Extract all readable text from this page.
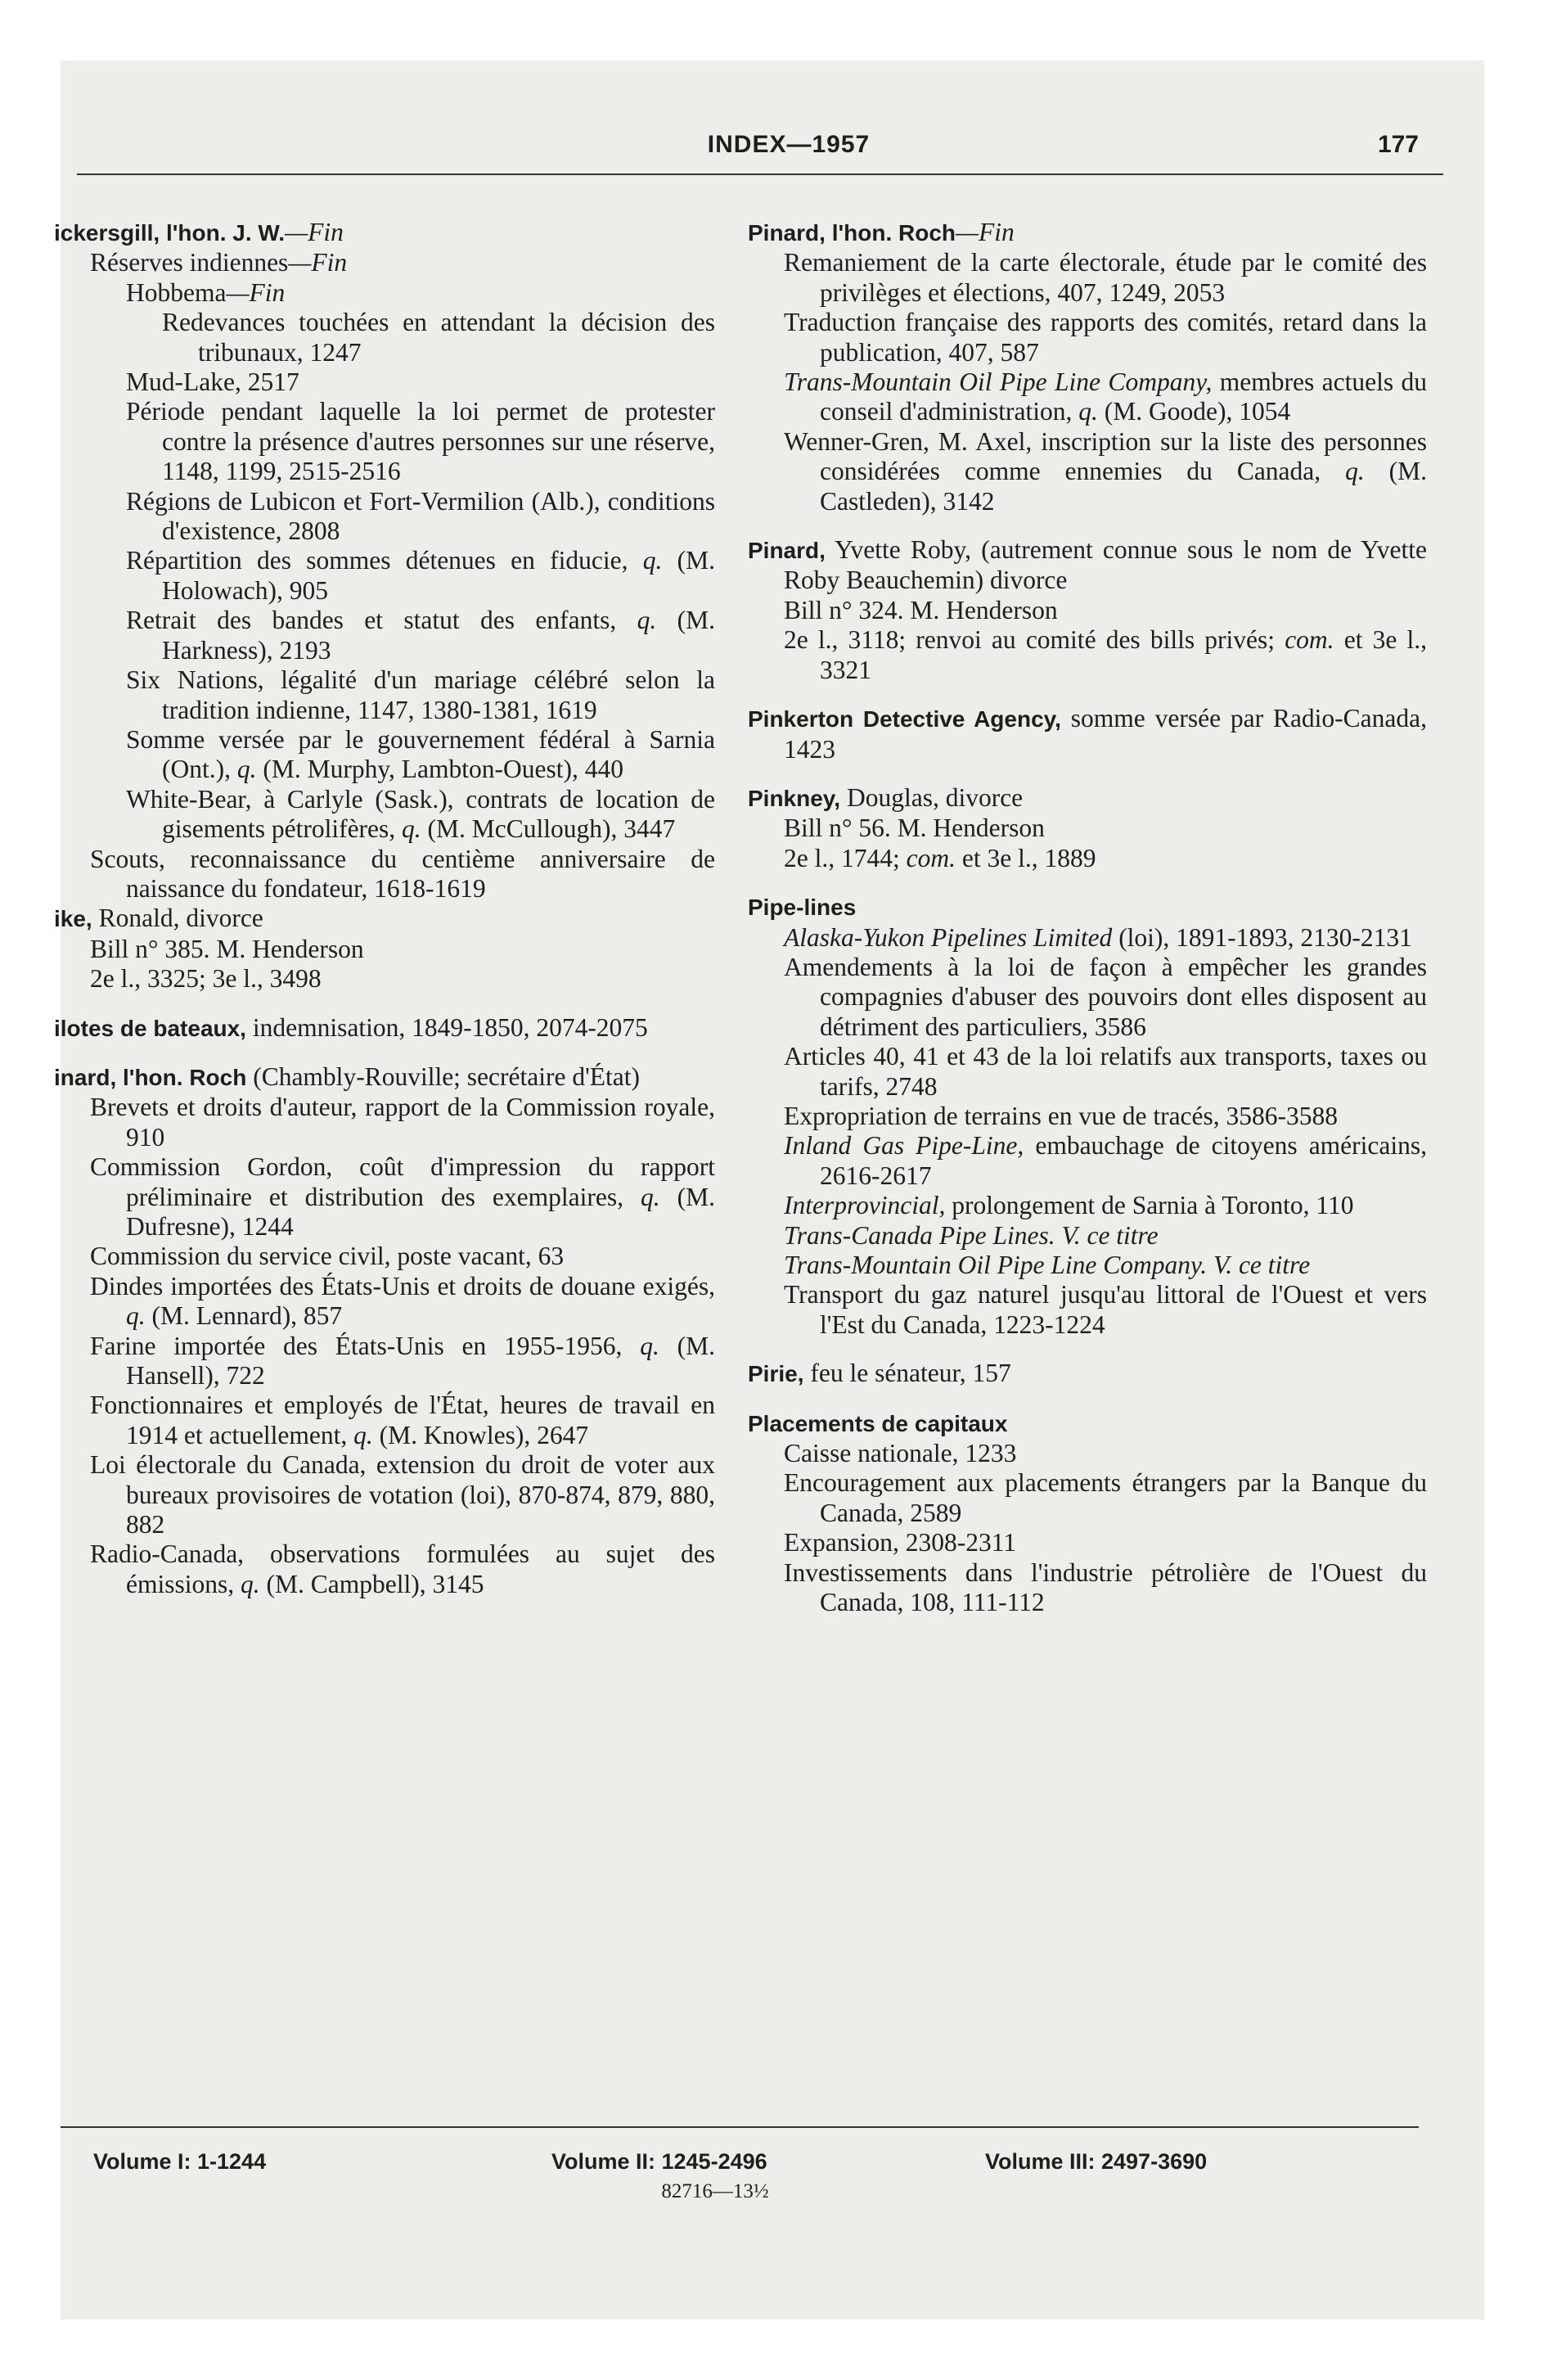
INDEX—1957	177
ickersgill, l'hon. J. W.—Fin
Réserves indiennes—Fin
Hobbema—Fin
Redevances touchées en attendant la décision des tribunaux, 1247
Mud-Lake, 2517
Période pendant laquelle la loi permet de protester contre la présence d'autres personnes sur une réserve, 1148, 1199, 2515-2516
Régions de Lubicon et Fort-Vermilion (Alb.), conditions d'existence, 2808
Répartition des sommes détenues en fiducie, q. (M. Holowach), 905
Retrait des bandes et statut des enfants, q. (M. Harkness), 2193
Six Nations, légalité d'un mariage célébré selon la tradition indienne, 1147, 1380-1381, 1619
Somme versée par le gouvernement fédéral à Sarnia (Ont.), q. (M. Murphy, Lambton-Ouest), 440
White-Bear, à Carlyle (Sask.), contrats de location de gisements pétrolifères, q. (M. McCullough), 3447
Scouts, reconnaissance du centième anniversaire de naissance du fondateur, 1618-1619
ike, Ronald, divorce
Bill n° 385. M. Henderson
2e l., 3325; 3e l., 3498
ilotes de bateaux, indemnisation, 1849-1850, 2074-2075
inard, l'hon. Roch (Chambly-Rouville; secrétaire d'État)
Brevets et droits d'auteur, rapport de la Commission royale, 910
Commission Gordon, coût d'impression du rapport préliminaire et distribution des exemplaires, q. (M. Dufresne), 1244
Commission du service civil, poste vacant, 63
Dindes importées des États-Unis et droits de douane exigés, q. (M. Lennard), 857
Farine importée des États-Unis en 1955-1956, q. (M. Hansell), 722
Fonctionnaires et employés de l'État, heures de travail en 1914 et actuellement, q. (M. Knowles), 2647
Loi électorale du Canada, extension du droit de voter aux bureaux provisoires de votation (loi), 870-874, 879, 880, 882
Radio-Canada, observations formulées au sujet des émissions, q. (M. Campbell), 3145
Pinard, l'hon. Roch—Fin
Remaniement de la carte électorale, étude par le comité des privilèges et élections, 407, 1249, 2053
Traduction française des rapports des comités, retard dans la publication, 407, 587
Trans-Mountain Oil Pipe Line Company, membres actuels du conseil d'administration, q. (M. Goode), 1054
Wenner-Gren, M. Axel, inscription sur la liste des personnes considérées comme ennemies du Canada, q. (M. Castleden), 3142
Pinard, Yvette Roby, (autrement connue sous le nom de Yvette Roby Beauchemin) divorce
Bill n° 324. M. Henderson
2e l., 3118; renvoi au comité des bills privés; com. et 3e l., 3321
Pinkerton Detective Agency, somme versée par Radio-Canada, 1423
Pinkney, Douglas, divorce
Bill n° 56. M. Henderson
2e l., 1744; com. et 3e l., 1889
Pipe-lines
Alaska-Yukon Pipelines Limited (loi), 1891-1893, 2130-2131
Amendements à la loi de façon à empêcher les grandes compagnies d'abuser des pouvoirs dont elles disposent au détriment des particuliers, 3586
Articles 40, 41 et 43 de la loi relatifs aux transports, taxes ou tarifs, 2748
Expropriation de terrains en vue de tracés, 3586-3588
Inland Gas Pipe-Line, embauchage de citoyens américains, 2616-2617
Interprovincial, prolongement de Sarnia à Toronto, 110
Trans-Canada Pipe Lines. V. ce titre
Trans-Mountain Oil Pipe Line Company. V. ce titre
Transport du gaz naturel jusqu'au littoral de l'Ouest et vers l'Est du Canada, 1223-1224
Pirie, feu le sénateur, 157
Placements de capitaux
Caisse nationale, 1233
Encouragement aux placements étrangers par la Banque du Canada, 2589
Expansion, 2308-2311
Investissements dans l'industrie pétrolière de l'Ouest du Canada, 108, 111-112
Volume I: 1-1244	Volume II: 1245-2496	Volume III: 2497-3690
82716—13½
